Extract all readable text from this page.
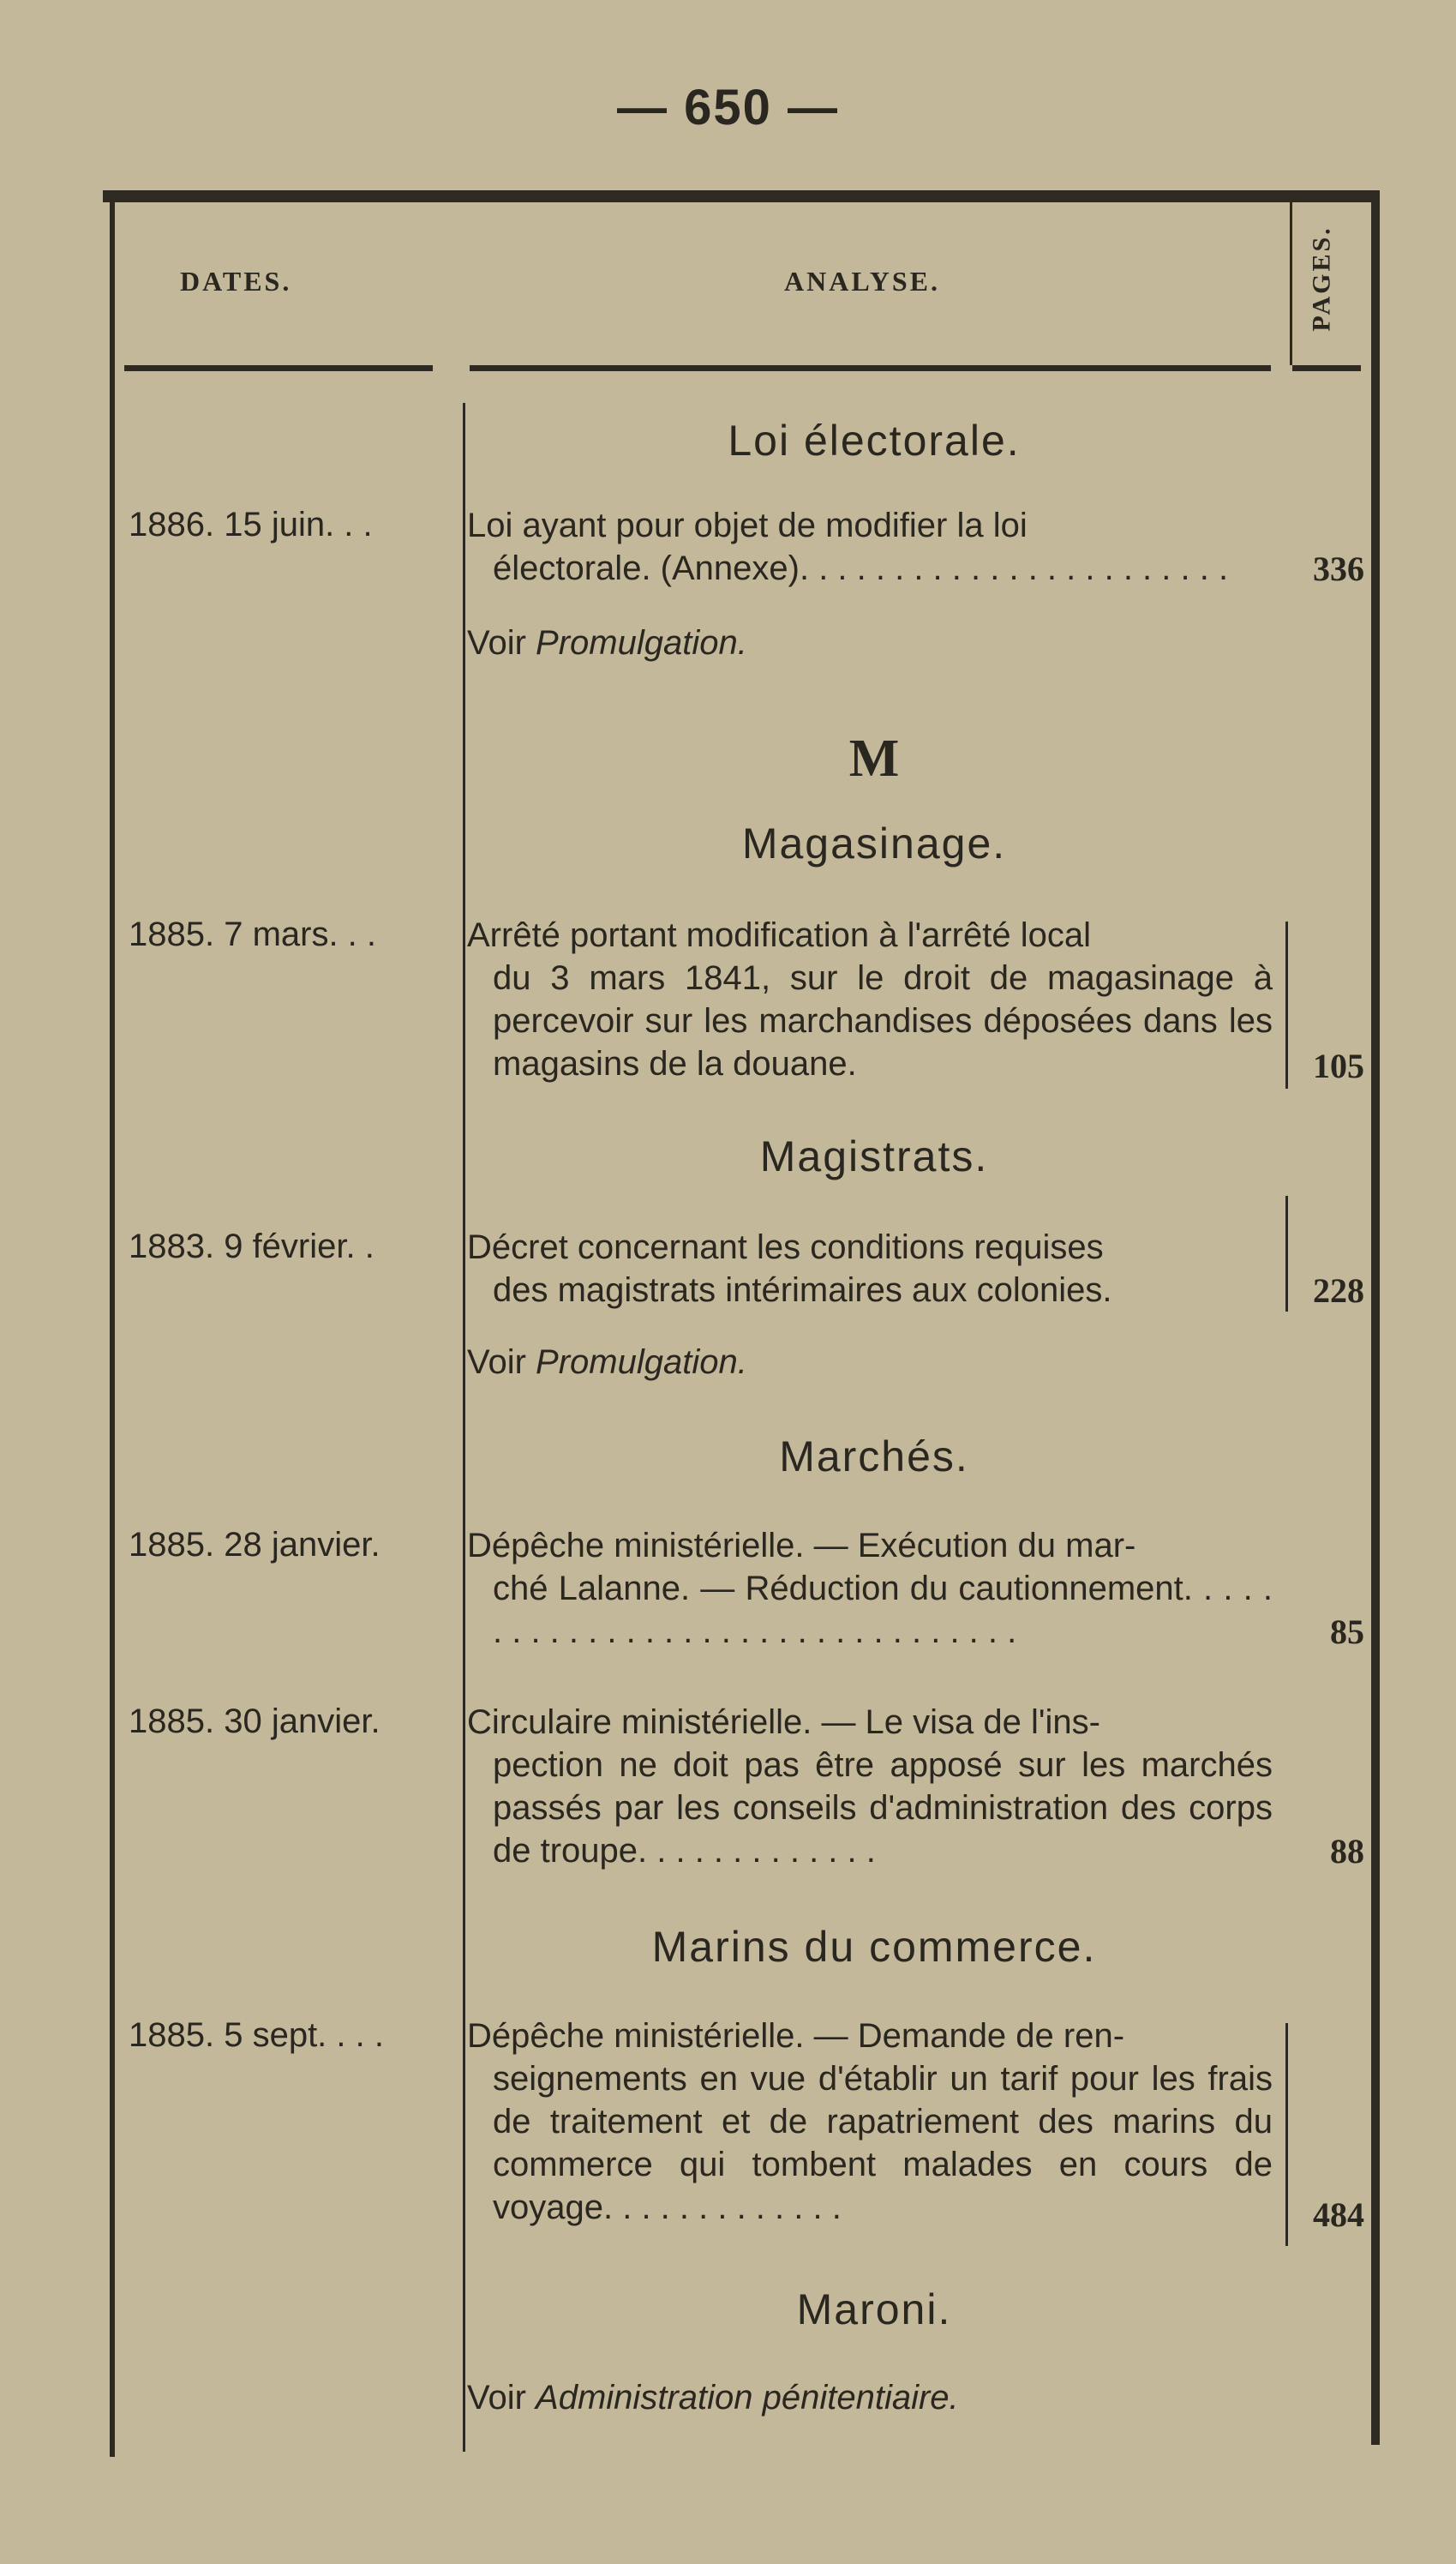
— 650 —
DATES.	ANALYSE.	PAGES.
Loi électorale.
1886. 15 juin. . .	Loi ayant pour objet de modifier la loi
électorale. (Annexe). . . . . . . . . . . . . . . . . . . . . . .	336
Voir Promulgation.
M
Magasinage.
1885. 7 mars. . .	Arrêté portant modification à l'arrêté local
du 3 mars 1841, sur le droit de magasinage à percevoir sur les marchandises déposées dans les magasins de la douane.	105
Magistrats.
1883. 9 février. .	Décret concernant les conditions requises
des magistrats intérimaires aux colonies.	228
Voir Promulgation.
Marchés.
1885. 28 janvier.	Dépêche ministérielle. — Exécution du mar-
ché Lalanne. — Réduction du cautionnement. . . . . . . . . . . . . . . . . . . . . . . . . . . . . . . . .	85
1885. 30 janvier.	Circulaire ministérielle. — Le visa de l'ins-
pection ne doit pas être apposé sur les marchés passés par les conseils d'administration des corps de troupe. . . . . . . . . . . . .	88
Marins du commerce.
1885. 5 sept. . . .	Dépêche ministérielle. — Demande de ren-
seignements en vue d'établir un tarif pour les frais de traitement et de rapatriement des marins du commerce qui tombent malades en cours de voyage. . . . . . . . . . . . .	484
Maroni.
Voir Administration pénitentiaire.
